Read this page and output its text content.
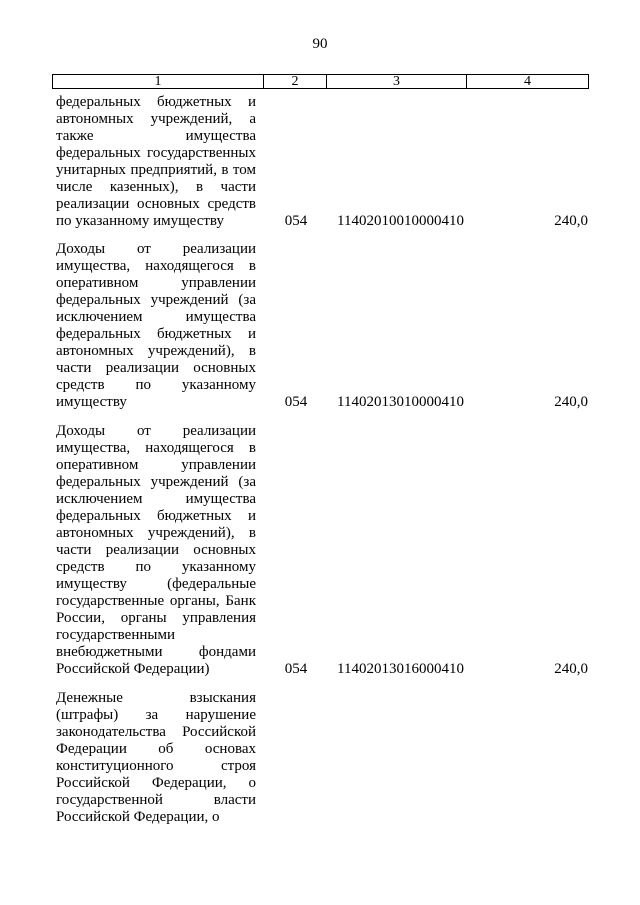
90
1	2	3	4
федеральных бюджетных и автономных учреждений, а также имущества федеральных государственных унитарных предприятий, в том числе казенных), в части реализации основных средств по указанному имуществу	054	11402010010000410	240,0
Доходы от реализации имущества, находящегося в оперативном управлении федеральных учреждений (за исключением имущества федеральных бюджетных и автономных учреждений), в части реализации основных средств по указанному имуществу	054	11402013010000410	240,0
Доходы от реализации имущества, находящегося в оперативном управлении федеральных учреждений (за исключением имущества федеральных бюджетных и автономных учреждений), в части реализации основных средств по указанному имуществу (федеральные государственные органы, Банк России, органы управления государственными внебюджетными фондами Российской Федерации)	054	11402013016000410	240,0
Денежные взыскания (штрафы) за нарушение законодательства Российской Федерации об основах конституционного строя Российской Федерации, о государственной власти Российской Федерации, о
